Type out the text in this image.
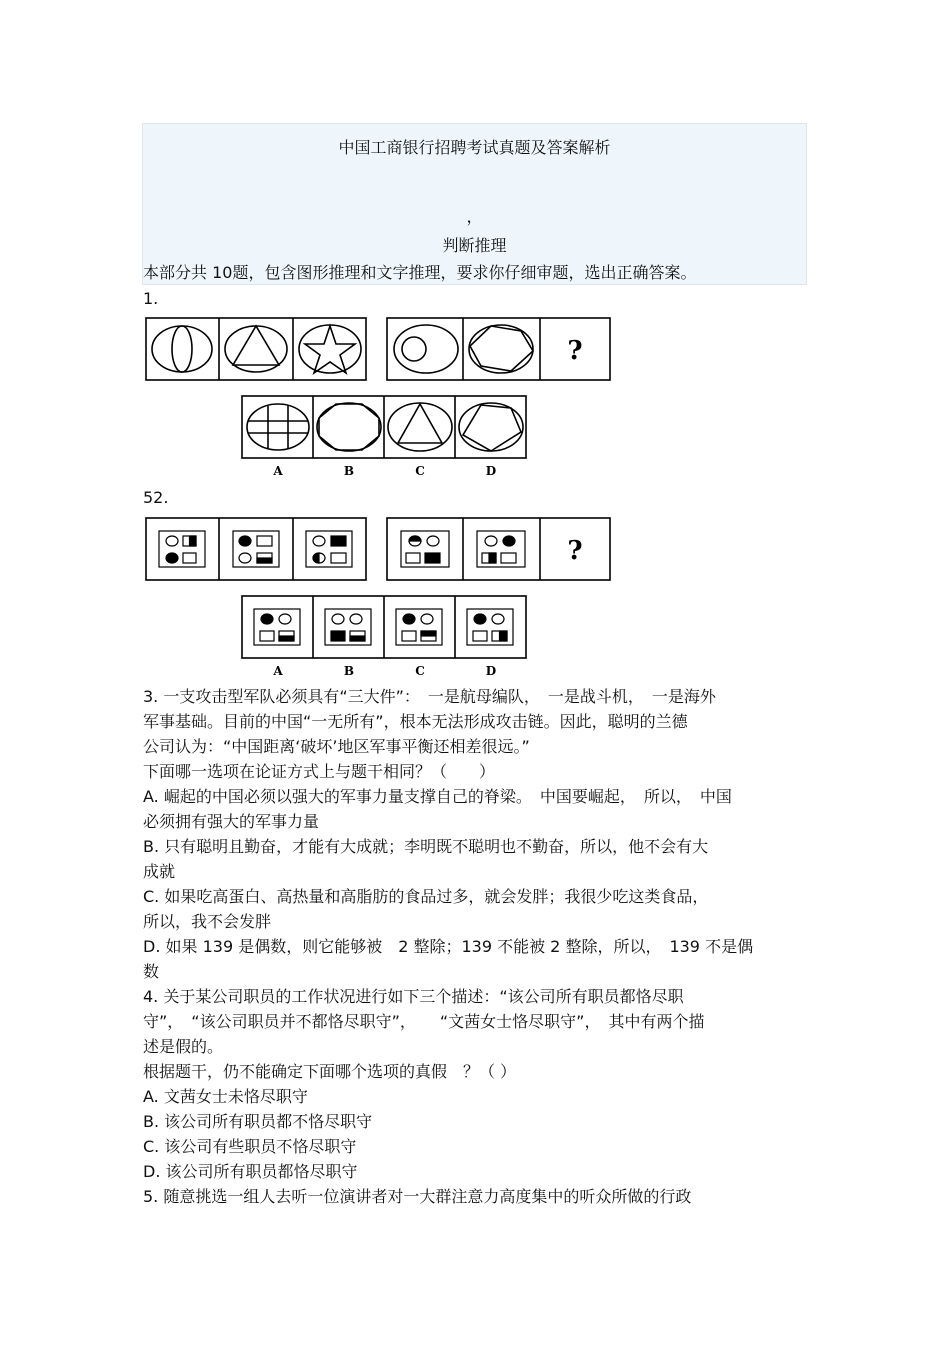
中国工商银行招聘考试真题及答案解析
，
判断推理
本部分共 10题，包含图形推理和文字推理，要求你仔细审题，选出正确答案。
1.
?
A	B	C	D
52.
?
A	B	C	D
3. 一支攻击型军队必须具有“三大件”：　一是航母编队，　一是战斗机，　一是海外
军事基础。目前的中国“一无所有”，根本无法形成攻击链。因此，聪明的兰德
公司认为：“中国距离‘破坏’地区军事平衡还相差很远。”
下面哪一选项在论证方式上与题干相同？（　　）
A. 崛起的中国必须以强大的军事力量支撑自己的脊梁。　中国要崛起，　所以，　中国
必须拥有强大的军事力量
B. 只有聪明且勤奋，才能有大成就；李明既不聪明也不勤奋，所以，他不会有大
成就
C. 如果吃高蛋白、高热量和高脂肪的食品过多，就会发胖；我很少吃这类食品，
所以，我不会发胖
D. 如果 139 是偶数，则它能够被　2 整除；139 不能被 2 整除，所以，　139 不是偶
数
4. 关于某公司职员的工作状况进行如下三个描述：“该公司所有职员都恪尽职
守”，　“该公司职员并不都恪尽职守”，　　“文茜女士恪尽职守”，　其中有两个描
述是假的。
根据题干，仍不能确定下面哪个选项的真假　？（ ）
A. 文茜女士未恪尽职守
B. 该公司所有职员都不恪尽职守
C. 该公司有些职员不恪尽职守
D. 该公司所有职员都恪尽职守
5. 随意挑选一组人去听一位演讲者对一大群注意力高度集中的听众所做的行政
